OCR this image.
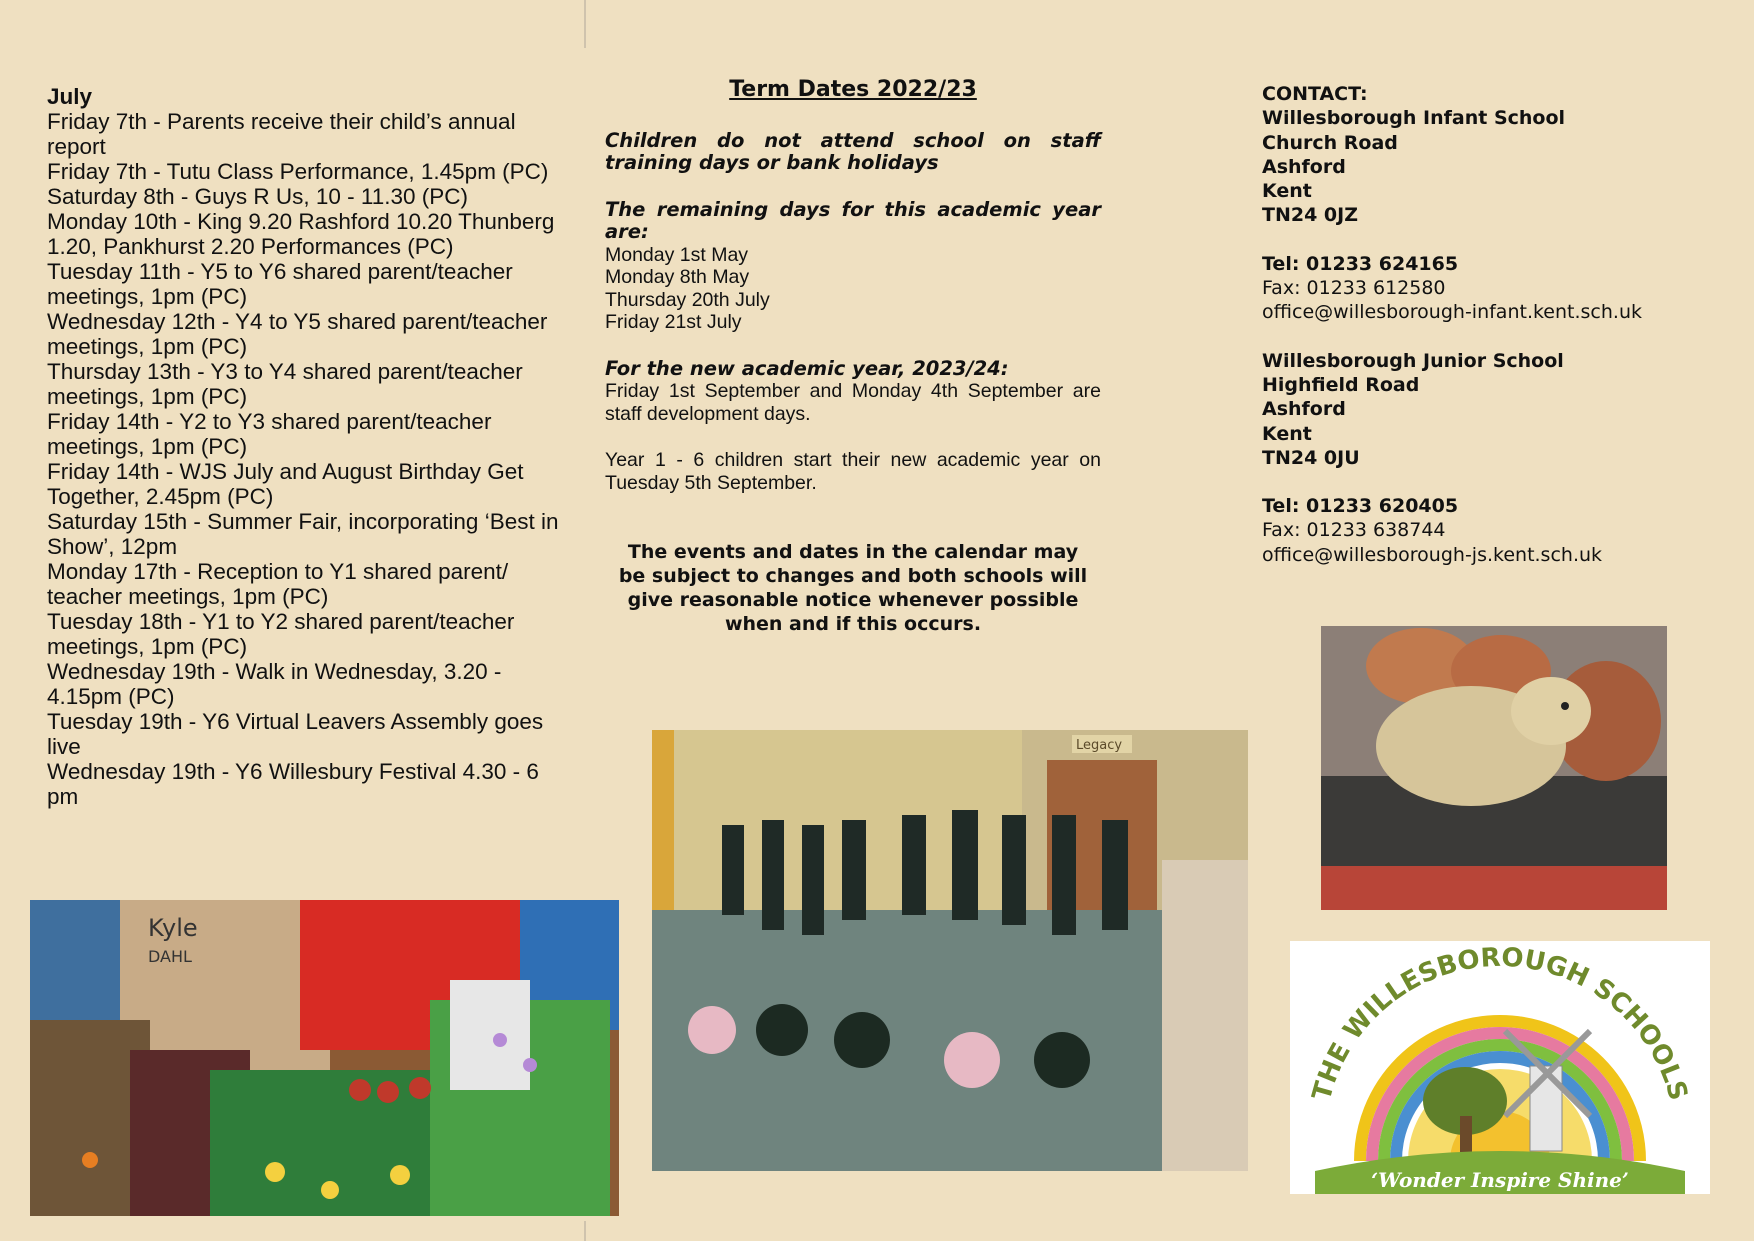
July
Friday 7th - Parents receive their child’s annual report
Friday 7th - Tutu Class Performance, 1.45pm (PC)
Saturday 8th - Guys R Us, 10 - 11.30 (PC)
Monday 10th - King 9.20 Rashford 10.20 Thunberg 1.20, Pankhurst 2.20 Performances (PC)
Tuesday 11th - Y5 to Y6 shared parent/teacher meetings, 1pm (PC)
Wednesday 12th - Y4 to Y5 shared parent/teacher meetings, 1pm (PC)
Thursday 13th - Y3 to Y4 shared parent/teacher meetings, 1pm (PC)
Friday 14th - Y2 to Y3 shared parent/teacher meetings, 1pm (PC)
Friday 14th - WJS July and August Birthday Get Together, 2.45pm (PC)
Saturday 15th - Summer Fair, incorporating ‘Best in Show’, 12pm
Monday 17th - Reception to Y1 shared parent/ teacher meetings, 1pm (PC)
Tuesday 18th - Y1 to Y2 shared parent/teacher meetings, 1pm (PC)
Wednesday 19th - Walk in Wednesday, 3.20 - 4.15pm (PC)
Tuesday 19th - Y6 Virtual Leavers Assembly goes live
Wednesday 19th - Y6 Willesbury Festival 4.30 - 6 pm

Term Dates 2022/23

Children do not attend school on staff training days or bank holidays

The remaining days for this academic year are:

Monday 1st May

Monday 8th May

Thursday 20th July

Friday 21st July

For the new academic year, 2023/24:

Friday 1st September and Monday 4th September are staff development days.

Year 1 - 6 children start their new academic year on Tuesday 5th September.

The events and dates in the calendar may be subject to changes and both schools will give reasonable notice whenever possible when and if this occurs.

CONTACT:
Willesborough Infant School
Church Road
Ashford
Kent
TN24 0JZ
Tel: 01233 624165
Fax: 01233 612580
office@willesborough-infant.kent.sch.uk
Willesborough Junior School
Highfield Road
Ashford
Kent
TN24 0JU
Tel: 01233 620405
Fax: 01233 638744
office@willesborough-js.kent.sch.uk
Kyle
DAHL
Legacy
THE WILLESBOROUGH SCHOOLS
‘Wonder Inspire Shine’
